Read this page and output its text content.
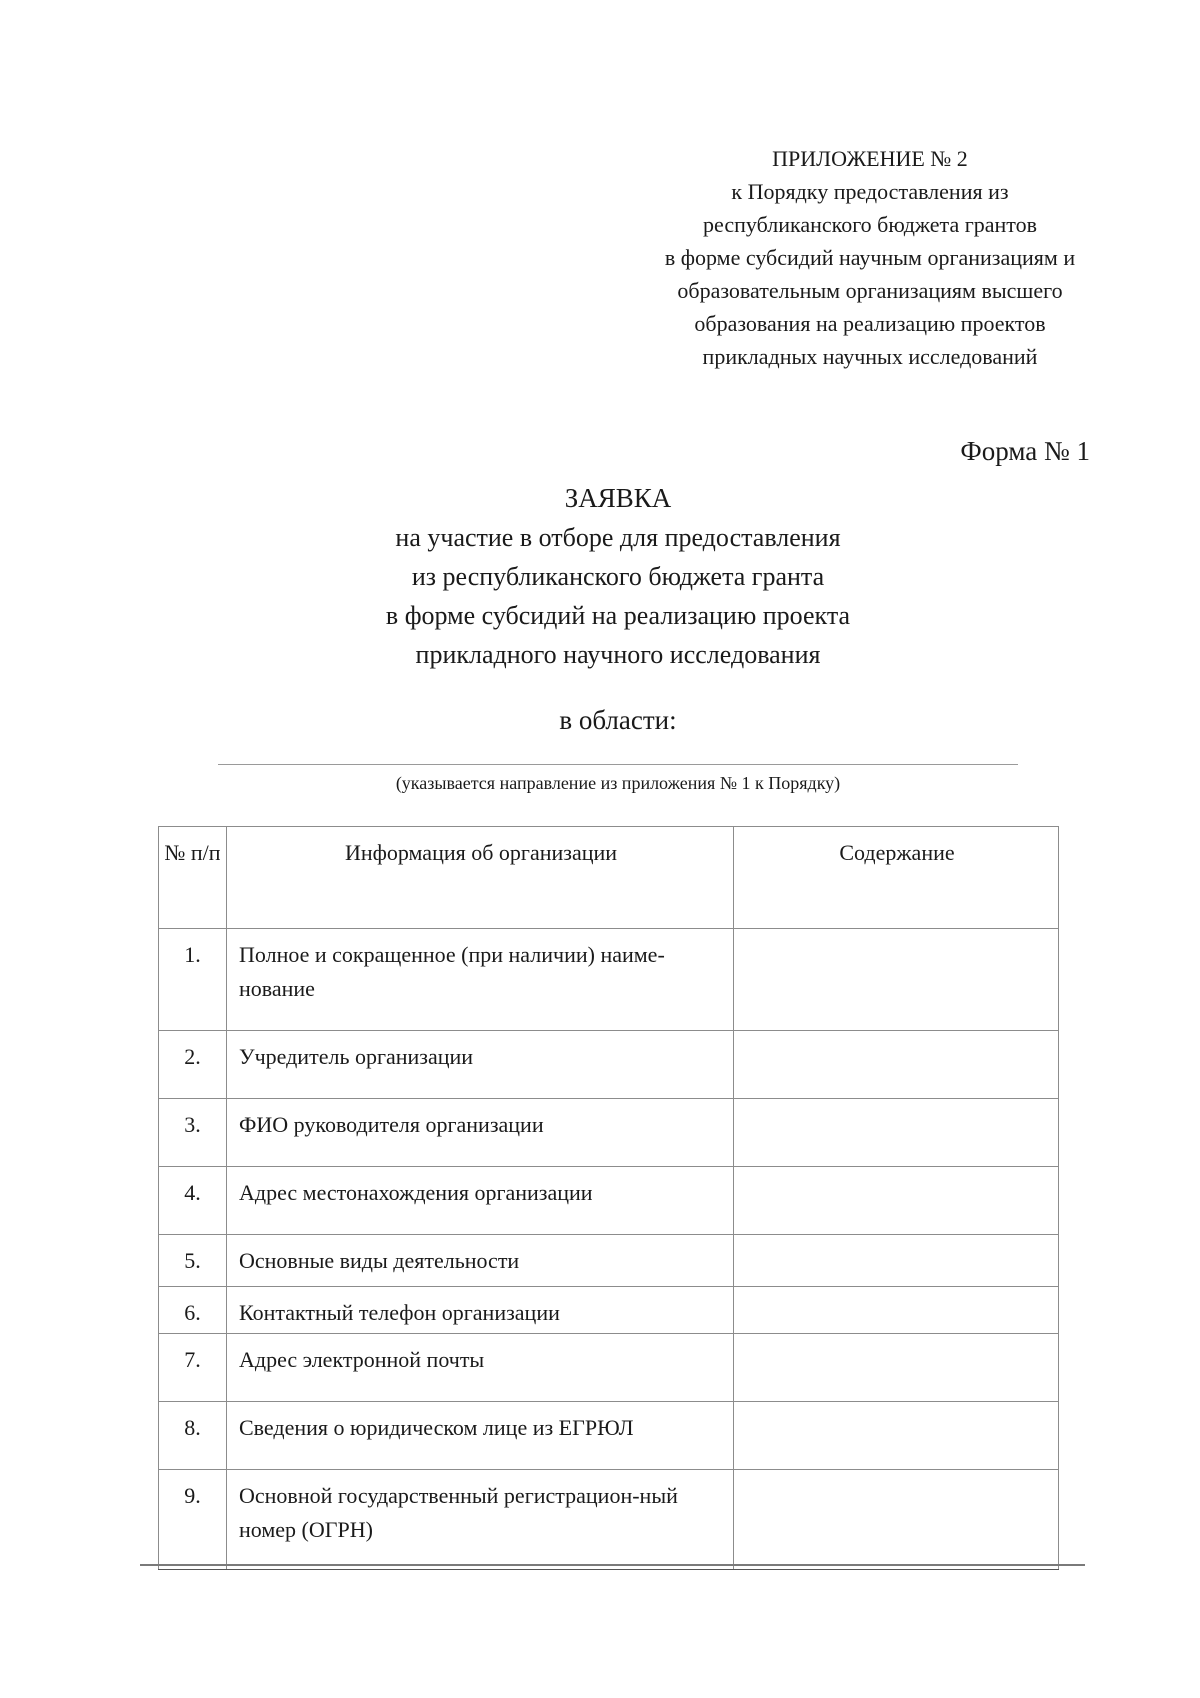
ПРИЛОЖЕНИЕ № 2
к Порядку предоставления из
республиканского бюджета грантов
в форме субсидий научным организациям и
образовательным организациям высшего
образования на реализацию проектов
прикладных научных исследований
Форма № 1
ЗАЯВКА
на участие в отборе для предоставления
из республиканского бюджета гранта
в форме субсидий на реализацию проекта
прикладного научного исследования
в области:
(указывается направление из приложения № 1 к Порядку)
№ п/п	Информация об организации	Содержание
1.	Полное и сокращенное (при наличии) наиме-нование	
2.	Учредитель организации	
3.	ФИО руководителя организации	
4.	Адрес местонахождения организации	
5.	Основные виды деятельности	
6.	Контактный телефон организации	
7.	Адрес электронной почты	
8.	Сведения о юридическом лице из ЕГРЮЛ	
9.	Основной государственный регистрацион-ный номер (ОГРН)	
